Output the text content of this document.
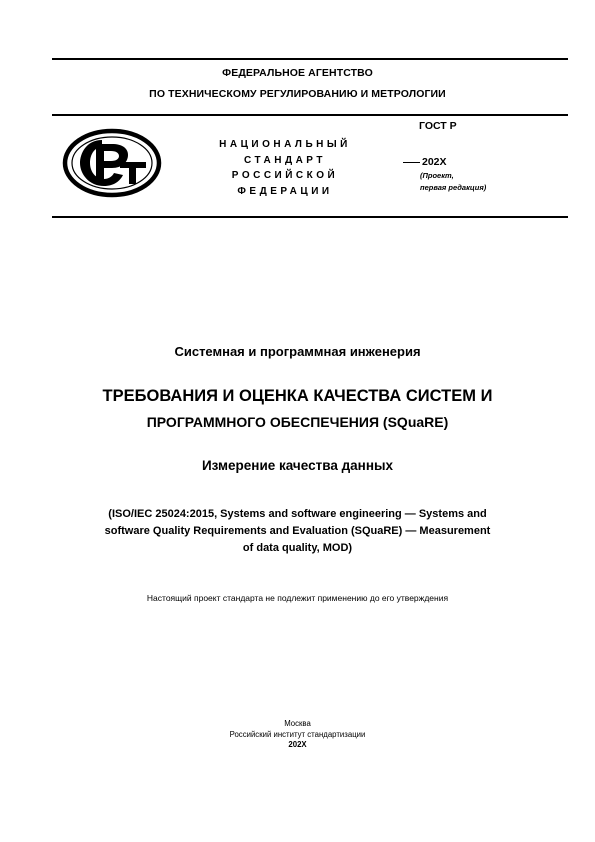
ФЕДЕРАЛЬНОЕ АГЕНТСТВО
ПО ТЕХНИЧЕСКОМУ РЕГУЛИРОВАНИЮ И МЕТРОЛОГИИ
НАЦИОНАЛЬНЫЙ
СТАНДАРТ
РОССИЙСКОЙ
ФЕДЕРАЦИИ
ГОСТ Р
202X
(Проект,
первая редакция)
Системная и программная инженерия
ТРЕБОВАНИЯ И ОЦЕНКА КАЧЕСТВА СИСТЕМ И
ПРОГРАММНОГО ОБЕСПЕЧЕНИЯ (SQuaRE)
Измерение качества данных
(ISO/IEC 25024:2015, Systems and software engineering — Systems and
software Quality Requirements and Evaluation (SQuaRE) — Measurement
of data quality, MOD)
Настоящий проект стандарта не подлежит применению до его утверждения
Москва
Российский институт стандартизации
202X
